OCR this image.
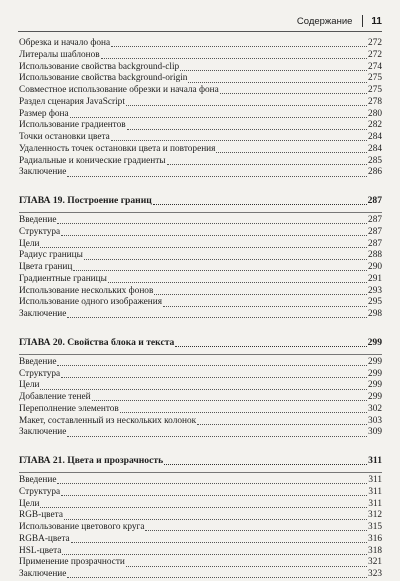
Содержание 11
Обрезка и начало фона	272
Литералы шаблонов	272
Использование свойства background-clip	274
Использование свойства background-origin	275
Совместное использование обрезки и начала фона	275
Раздел сценария JavaScript	278
Размер фона	280
Использование градиентов	282
Точки остановки цвета	284
Удаленность точек остановки цвета и повторения	284
Радиальные и конические градиенты	285
Заключение	286
ГЛАВА 19. Построение границ	287
Введение	287
Структура	287
Цели	287
Радиус границы	288
Цвета границ	290
Градиентные границы	291
Использование нескольких фонов	293
Использование одного изображения	295
Заключение	298
ГЛАВА 20. Свойства блока и текста	299
Введение	299
Структура	299
Цели	299
Добавление теней	299
Переполнение элементов	302
Макет, составленный из нескольких колонок	303
Заключение	309
ГЛАВА 21. Цвета и прозрачность	311
Введение	311
Структура	311
Цели	311
RGB-цвета	312
Использование цветового круга	315
RGBA-цвета	316
HSL-цвета	318
Применение прозрачности	321
Заключение	323
